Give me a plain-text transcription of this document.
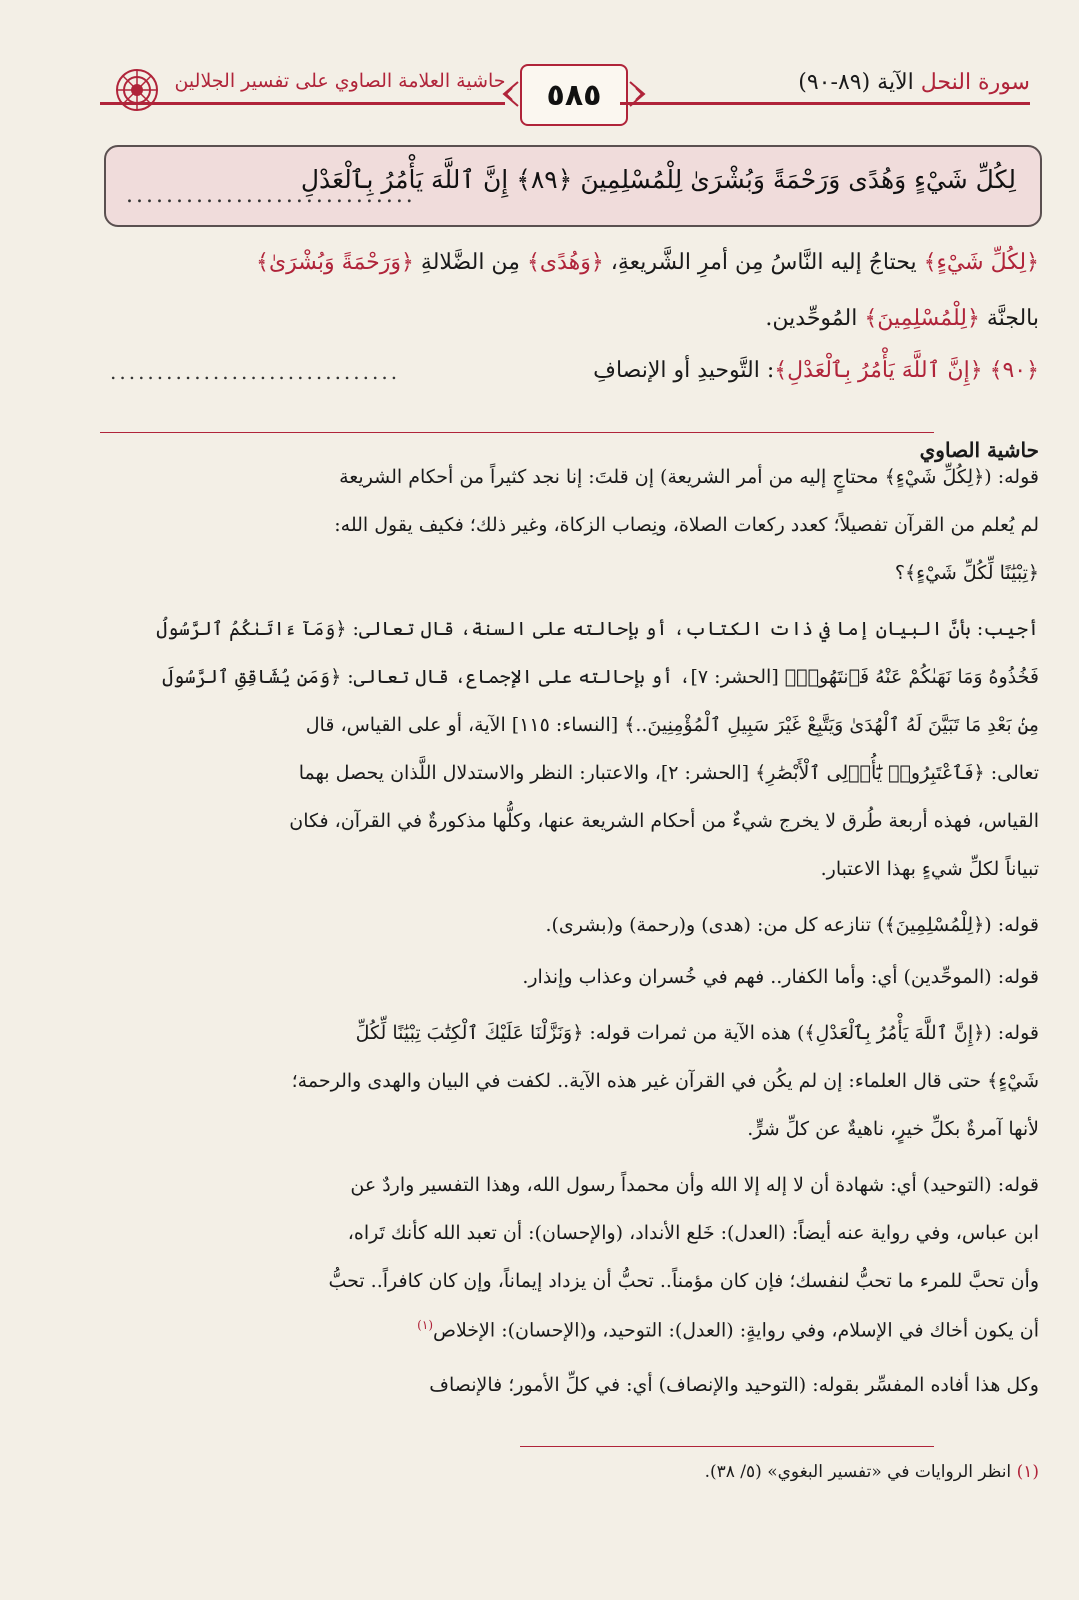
حاشية العلامة الصاوي على تفسير الجلالين ٥٨٥	سورة النحل الآية (٨٩-٩٠)
لِكُلِّ شَيْءٍ وَهُدًى وَرَحْمَةً وَبُشْرَىٰ لِلْمُسْلِمِينَ ﴿٨٩﴾ إِنَّ ٱللَّهَ يَأْمُرُ بِٱلْعَدْلِ
.............................
﴿لِكُلِّ شَيْءٍ﴾ يحتاجُ إليه النَّاسُ مِن أمرِ الشَّريعةِ، ﴿وَهُدًى﴾ مِن الضَّلالةِ ﴿وَرَحْمَةً وَبُشْرَىٰ﴾
بالجنَّة ﴿لِلْمُسْلِمِينَ﴾ المُوحِّدين.
﴿٩٠﴾ ﴿إِنَّ ٱللَّهَ يَأْمُرُ بِٱلْعَدْلِ﴾: التَّوحيدِ أو الإنصافِ
...............................
حاشية الصاوي
قوله: (﴿لِكُلِّ شَيْءٍ﴾ محتاجٍ إليه من أمر الشريعة) إن قلتَ: إنا نجد كثيراً من أحكام الشريعة
لم يُعلم من القرآن تفصيلاً؛ كعدد ركعات الصلاة، ونِصاب الزكاة، وغير ذلك؛ فكيف يقول الله:
﴿تِبْيَٰنًا لِّكُلِّ شَيْءٍ﴾؟
أجيب: بأنَّ البيان إما في ذات الكتاب، أو بإحالته على السنة، قال تعالى: ﴿وَمَآ ءَاتَىٰكُمُ ٱلرَّسُولُ
فَخُذُوهُ وَمَا نَهَىٰكُمْ عَنْهُ فَٱنتَهُوا۟﴾ [الحشر: ٧]، أو بإحالته على الإجماع، قال تعالى: ﴿وَمَن يُشَاقِقِ ٱلرَّسُولَ
مِنۢ بَعْدِ مَا تَبَيَّنَ لَهُ ٱلْهُدَىٰ وَيَتَّبِعْ غَيْرَ سَبِيلِ ٱلْمُؤْمِنِينَ..﴾ [النساء: ١١٥] الآية، أو على القياس، قال
تعالى: ﴿فَٱعْتَبِرُوا۟ يَٰٓأُو۟لِى ٱلْأَبْصَٰرِ﴾ [الحشر: ٢]، والاعتبار: النظر والاستدلال اللَّذان يحصل بهما
القياس، فهذه أربعة طُرق لا يخرج شيءٌ من أحكام الشريعة عنها، وكلُّها مذكورةٌ في القرآن، فكان
تبياناً لكلِّ شيءٍ بهذا الاعتبار.
قوله: (﴿لِلْمُسْلِمِينَ﴾) تنازعه كل من: (هدى) و(رحمة) و(بشرى).
قوله: (الموحِّدين) أي: وأما الكفار.. فهم في خُسران وعذاب وإنذار.
قوله: (﴿إِنَّ ٱللَّهَ يَأْمُرُ بِٱلْعَدْلِ﴾) هذه الآية من ثمرات قوله: ﴿وَنَزَّلْنَا عَلَيْكَ ٱلْكِتَٰبَ تِبْيَٰنًا لِّكُلِّ
شَيْءٍ﴾ حتى قال العلماء: إن لم يكُن في القرآن غير هذه الآية.. لكفت في البيان والهدى والرحمة؛
لأنها آمرةٌ بكلِّ خيرٍ، ناهيةٌ عن كلِّ شرٍّ.
قوله: (التوحيد) أي: شهادة أن لا إله إلا الله وأن محمداً رسول الله، وهذا التفسير واردٌ عن
ابن عباس، وفي رواية عنه أيضاً: (العدل): خَلع الأنداد، (والإحسان): أن تعبد الله كأنك تَراه،
وأن تحبَّ للمرء ما تحبُّ لنفسك؛ فإن كان مؤمناً.. تحبُّ أن يزداد إيماناً، وإن كان كافراً.. تحبُّ
أن يكون أخاك في الإسلام، وفي روايةٍ: (العدل): التوحيد، و(الإحسان): الإخلاص$^{(١)}$
وكل هذا أفاده المفسِّر بقوله: (التوحيد والإنصاف) أي: في كلِّ الأمور؛ فالإنصاف
(١) انظر الروايات في «تفسير البغوي» (٥/ ٣٨).
